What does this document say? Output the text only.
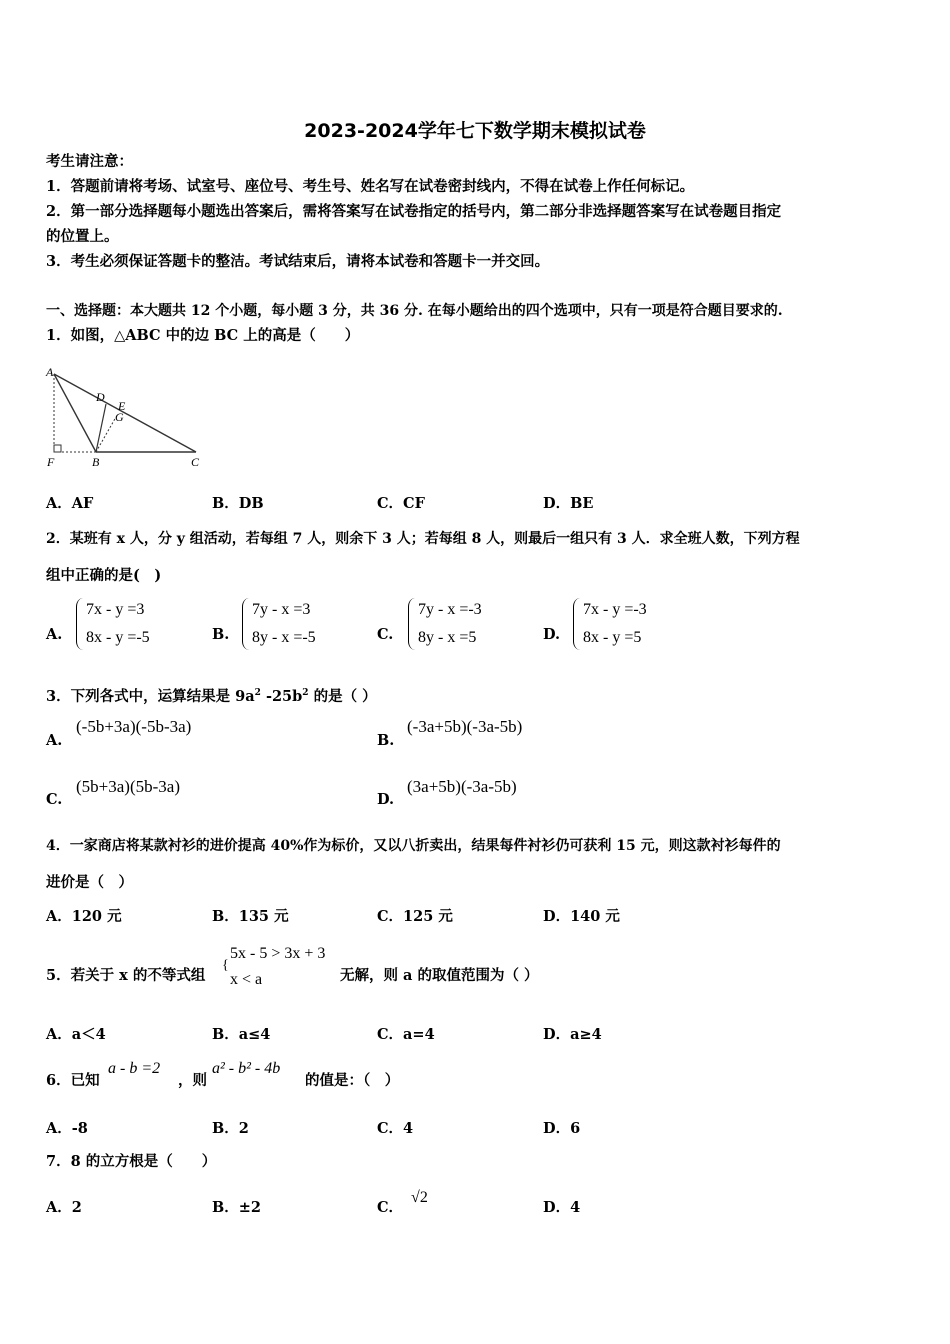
2023-2024学年七下数学期末模拟试卷
考生请注意：
1．答题前请将考场、试室号、座位号、考生号、姓名写在试卷密封线内，不得在试卷上作任何标记。
2．第一部分选择题每小题选出答案后，需将答案写在试卷指定的括号内，第二部分非选择题答案写在试卷题目指定
的位置上。
3．考生必须保证答题卡的整洁。考试结束后，请将本试卷和答题卡一并交回。
一、选择题：本大题共 12 个小题，每小题 3 分，共 36 分. 在每小题给出的四个选项中，只有一项是符合题目要求的.
1．如图，△ABC 中的边 BC 上的高是（　　）
A
D
E
G
F	B	C
A．AF	B．DB	C．CF	D．BE
2．某班有 x 人，分 y 组活动，若每组 7 人，则余下 3 人；若每组 8 人，则最后一组只有 3 人．求全班人数，下列方程
组中正确的是(　)
A.
7x - y =3
8x - y =-5	B.
7y - x =3
8y - x =-5	C.
7y - x =-3
8y - x =5	D.
7x - y =-3
8x - y =5
3．下列各式中，运算结果是 $9a^2$ $-25b^2$ 的是（ ）
A.
(-5b+3a)(-5b-3a)
B.
(-3a+5b)(-3a-5b)
C.
(5b+3a)(5b-3a)
D.
(3a+5b)(-3a-5b)
4．一家商店将某款衬衫的进价提高 40%作为标价，又以八折卖出，结果每件衬衫仍可获利 15 元，则这款衬衫每件的
进价是（　）
A．120 元	B．135 元	C．125 元	D．140 元
5．若关于 x 的不等式组
{
5x - 5 > 3x + 3
x < a	无解，则 a 的取值范围为（ ）
A．a＜4	B．a≤4	C．a=4	D．a≥4
6．已知
a - b =2
，则
a² - b² - 4b
的值是：（　）
A．-8	B．2	C．4	D．6
7．8 的立方根是（　　）
A．2	B．±2	C．√2
D．4
